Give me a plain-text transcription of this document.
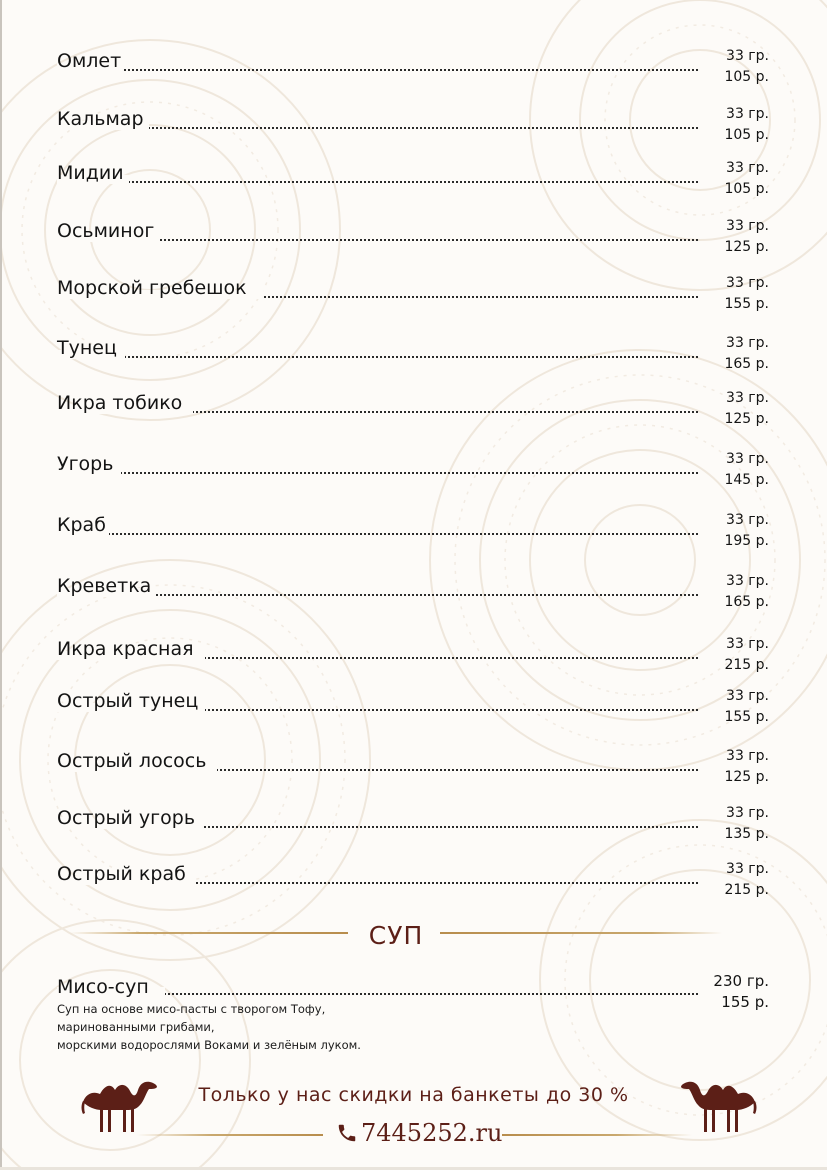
Омлет	33 гр.
105 р.
Кальмар	33 гр.
105 р.
Мидии	33 гр.
105 р.
Осьминог	33 гр.
125 р.
Морской гребешок	33 гр.
155 р.
Тунец	33 гр.
165 р.
Икра тобико	33 гр.
125 р.
Угорь	33 гр.
145 р.
Краб	33 гр.
195 р.
Креветка	33 гр.
165 р.
Икра красная	33 гр.
215 р.
Острый тунец	33 гр.
155 р.
Острый лосось	33 гр.
125 р.
Острый угорь	33 гр.
135 р.
Острый краб	33 гр.
215 р.
СУП
Мисо-суп	230 гр.
155 р.
Суп на основе мисо-пасты с творогом Тофу,
маринованными грибами,
морскими водорослями Воками и зелёным луком.
Только у нас скидки на банкеты до 30 %
7445252.ru
